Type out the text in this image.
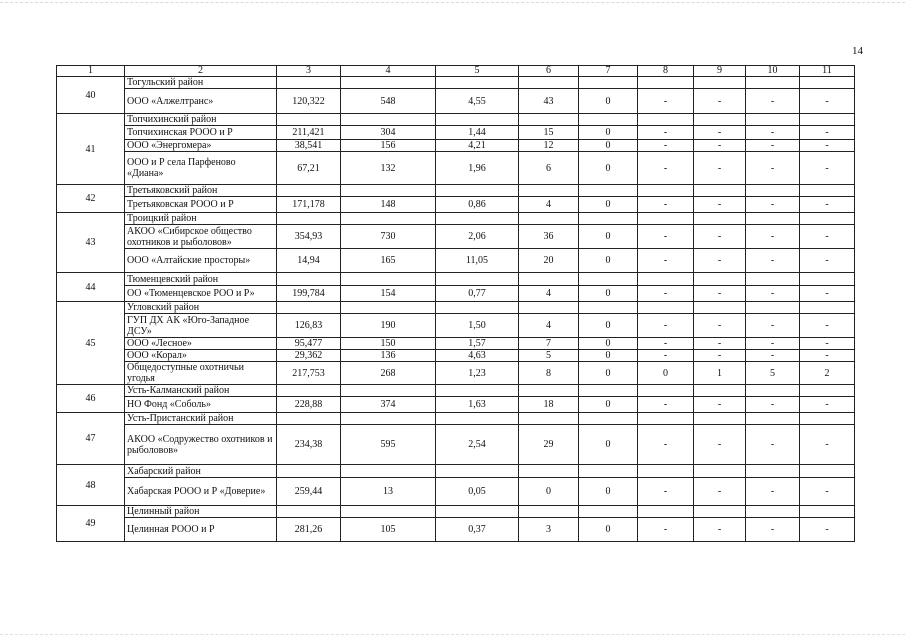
14
1	2	3	4	5	6	7	8	9	10	11
40	Тогульский район									
	ООО «Алжелтранс»	120,322	548	4,55	43	0	-	-	-	-
41	Топчихинский район									
	Топчихинская РООО и Р	211,421	304	1,44	15	0	-	-	-	-
	ООО «Энергомера»	38,541	156	4,21	12	0	-	-	-	-
	ООО и Р села Парфеново «Диана»	67,21	132	1,96	6	0	-	-	-	-
42	Третьяковский район									
	Третьяковская РООО и Р	171,178	148	0,86	4	0	-	-	-	-
43	Троицкий район									
	АКОО «Сибирское общество охотников и рыболовов»	354,93	730	2,06	36	0	-	-	-	-
	ООО «Алтайские просторы»	14,94	165	11,05	20	0	-	-	-	-
44	Тюменцевский район									
	ОО «Тюменцевское РОО и Р»	199,784	154	0,77	4	0	-	-	-	-
45	Угловский район									
	ГУП ДХ АК «Юго-Западное ДСУ»	126,83	190	1,50	4	0	-	-	-	-
	ООО «Лесное»	95,477	150	1,57	7	0	-	-	-	-
	ООО «Корал»	29,362	136	4,63	5	0	-	-	-	-
	Общедоступные охотничьи угодья	217,753	268	1,23	8	0	0	1	5	2
46	Усть-Калманский район									
	НО Фонд «Соболь»	228,88	374	1,63	18	0	-	-	-	-
47	Усть-Пристанский район									
	АКОО «Содружество охотников и рыболовов»	234,38	595	2,54	29	0	-	-	-	-
48	Хабарский район									
	Хабарская РООО и Р «Доверие»	259,44	13	0,05	0	0	-	-	-	-
49	Целинный район									
	Целинная РООО и Р	281,26	105	0,37	3	0	-	-	-	-
